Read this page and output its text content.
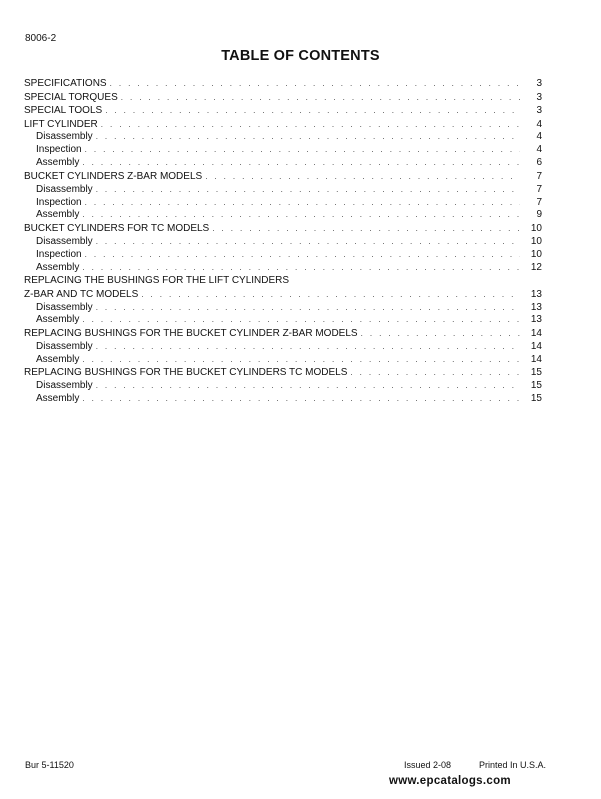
8006-2
TABLE OF CONTENTS
SPECIFICATIONS . . .	3
SPECIAL TORQUES . . .	3
SPECIAL TOOLS . . .	3
LIFT CYLINDER . . .	4
Disassembly . . .	4
Inspection . . .	4
Assembly . . .	6
BUCKET CYLINDERS Z-BAR MODELS . . .	7
Disassembly . . .	7
Inspection . . .	7
Assembly . . .	9
BUCKET CYLINDERS FOR TC MODELS . . .	10
Disassembly . . .	10
Inspection . . .	10
Assembly . . .	12
REPLACING THE BUSHINGS FOR THE LIFT CYLINDERS
Z-BAR AND TC MODELS . . .	13
Disassembly . . .	13
Assembly . . .	13
REPLACING BUSHINGS FOR THE BUCKET CYLINDER Z-BAR MODELS . . .	14
Disassembly . . .	14
Assembly . . .	14
REPLACING BUSHINGS FOR THE BUCKET CYLINDERS TC MODELS . . .	15
Disassembly . . .	15
Assembly . . .	15
Bur 5-11520	Issued 2-08	Printed In U.S.A.
www.epcatalogs.com
